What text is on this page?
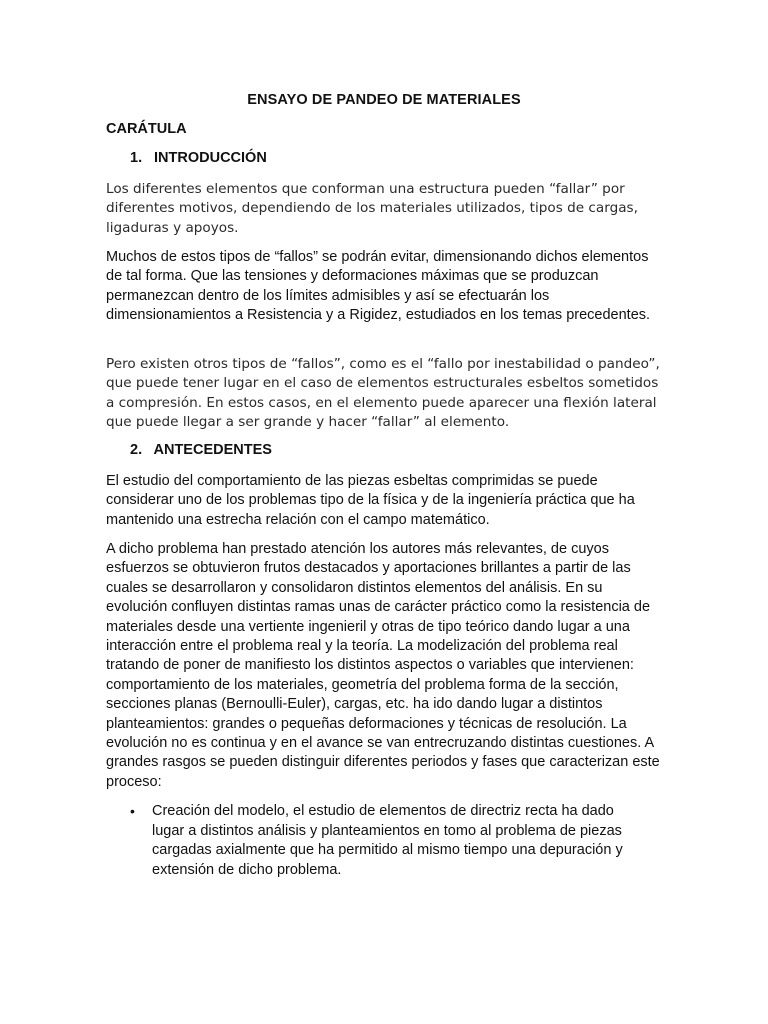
ENSAYO DE PANDEO DE MATERIALES
CARÁTULA
1. INTRODUCCIÓN
Los diferentes elementos que conforman una estructura pueden “fallar” por diferentes motivos, dependiendo de los materiales utilizados, tipos de cargas, ligaduras y apoyos.
Muchos de estos tipos de “fallos” se podrán evitar, dimensionando dichos elementos de tal forma. Que las tensiones y deformaciones máximas que se produzcan permanezcan dentro de los límites admisibles y así se efectuarán los dimensionamientos a Resistencia y a Rigidez, estudiados en los temas precedentes.
Pero existen otros tipos de “fallos”, como es el “fallo por inestabilidad o pandeo”, que puede tener lugar en el caso de elementos estructurales esbeltos sometidos a compresión. En estos casos, en el elemento puede aparecer una flexión lateral que puede llegar a ser grande y hacer “fallar” al elemento.
2. ANTECEDENTES
El estudio del comportamiento de las piezas esbeltas comprimidas se puede considerar uno de los problemas tipo de la física y de la ingeniería práctica que ha mantenido una estrecha relación con el campo matemático.
A dicho problema han prestado atención los autores más relevantes, de cuyos esfuerzos se obtuvieron frutos destacados y aportaciones brillantes a partir de las cuales se desarrollaron y consolidaron distintos elementos del análisis. En su evolución confluyen distintas ramas unas de carácter práctico como la resistencia de materiales desde una vertiente ingenieril y otras de tipo teórico dando lugar a una interacción entre el problema real y la teoría. La modelización del problema real tratando de poner de manifiesto los distintos aspectos o variables que intervienen: comportamiento de los materiales, geometría del problema forma de la sección, secciones planas (Bernoulli-Euler), cargas, etc. ha ido dando lugar a distintos planteamientos: grandes o pequeñas deformaciones y técnicas de resolución. La evolución no es continua y en el avance se van entrecruzando distintas cuestiones. A grandes rasgos se pueden distinguir diferentes periodos y fases que caracterizan este proceso:
• Creación del modelo, el estudio de elementos de directriz recta ha dado lugar a distintos análisis y planteamientos en tomo al problema de piezas cargadas axialmente que ha permitido al mismo tiempo una depuración y extensión de dicho problema.
